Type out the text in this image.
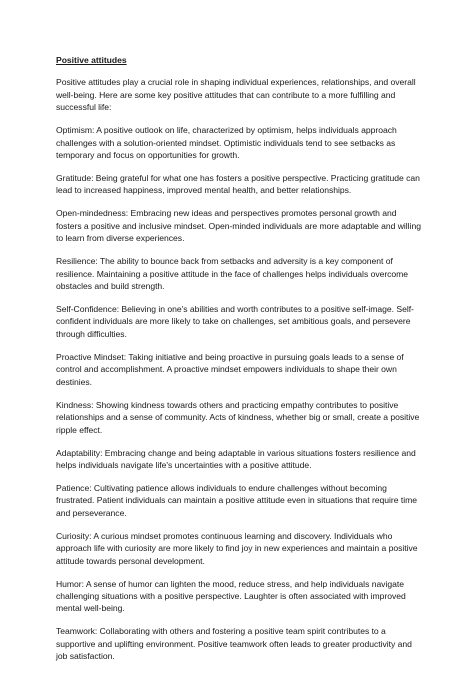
Positive attitudes
Positive attitudes play a crucial role in shaping individual experiences, relationships, and overall well-being. Here are some key positive attitudes that can contribute to a more fulfilling and successful life:
Optimism: A positive outlook on life, characterized by optimism, helps individuals approach challenges with a solution-oriented mindset. Optimistic individuals tend to see setbacks as temporary and focus on opportunities for growth.
Gratitude: Being grateful for what one has fosters a positive perspective. Practicing gratitude can lead to increased happiness, improved mental health, and better relationships.
Open-mindedness: Embracing new ideas and perspectives promotes personal growth and fosters a positive and inclusive mindset. Open-minded individuals are more adaptable and willing to learn from diverse experiences.
Resilience: The ability to bounce back from setbacks and adversity is a key component of resilience. Maintaining a positive attitude in the face of challenges helps individuals overcome obstacles and build strength.
Self-Confidence: Believing in one's abilities and worth contributes to a positive self-image. Self-confident individuals are more likely to take on challenges, set ambitious goals, and persevere through difficulties.
Proactive Mindset: Taking initiative and being proactive in pursuing goals leads to a sense of control and accomplishment. A proactive mindset empowers individuals to shape their own destinies.
Kindness: Showing kindness towards others and practicing empathy contributes to positive relationships and a sense of community. Acts of kindness, whether big or small, create a positive ripple effect.
Adaptability: Embracing change and being adaptable in various situations fosters resilience and helps individuals navigate life's uncertainties with a positive attitude.
Patience: Cultivating patience allows individuals to endure challenges without becoming frustrated. Patient individuals can maintain a positive attitude even in situations that require time and perseverance.
Curiosity: A curious mindset promotes continuous learning and discovery. Individuals who approach life with curiosity are more likely to find joy in new experiences and maintain a positive attitude towards personal development.
Humor: A sense of humor can lighten the mood, reduce stress, and help individuals navigate challenging situations with a positive perspective. Laughter is often associated with improved mental well-being.
Teamwork: Collaborating with others and fostering a positive team spirit contributes to a supportive and uplifting environment. Positive teamwork often leads to greater productivity and job satisfaction.
